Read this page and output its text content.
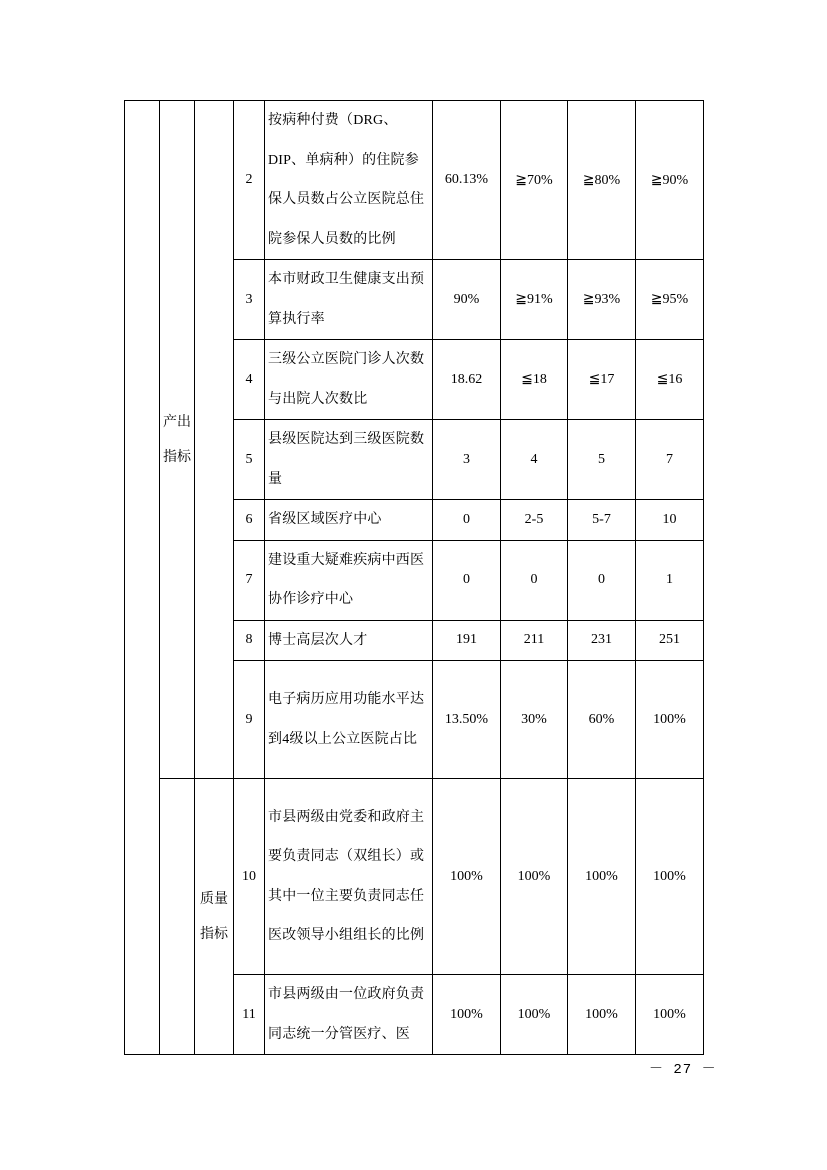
	产出指标		2	按病种付费（DRG、DIP、单病种）的住院参保人员数占公立医院总住院参保人员数的比例	60.13%	≧70%	≧80%	≧90%
			3	本市财政卫生健康支出预算执行率	90%	≧91%	≧93%	≧95%
			4	三级公立医院门诊人次数与出院人次数比	18.62	≦18	≦17	≦16
			5	县级医院达到三级医院数量	3	4	5	7
			6	省级区域医疗中心	0	2-5	5-7	10
			7	建设重大疑难疾病中西医协作诊疗中心	0	0	0	1
			8	博士高层次人才	191	211	231	251
			9	电子病历应用功能水平达到4级以上公立医院占比	13.50%	30%	60%	100%
		质量指标	10	市县两级由党委和政府主要负责同志（双组长）或其中一位主要负责同志任医改领导小组组长的比例	100%	100%	100%	100%
			11	市县两级由一位政府负责同志统一分管医疗、医	100%	100%	100%	100%
－ 27 －
